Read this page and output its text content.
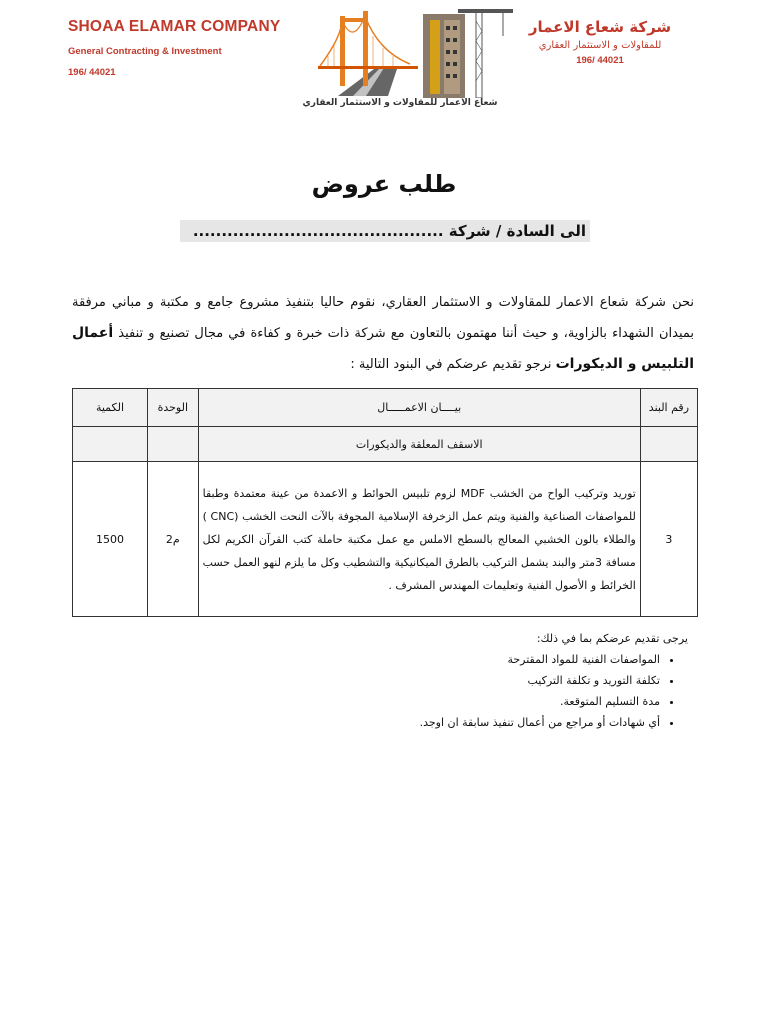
SHOAA ELAMAR COMPANY
General Contracting & Investment
196/ 44021
شعاع الاعمار للمقاولات و الاستثمار العقاري
شركة شعاع الاعمار
للمقاولات و الاستثمار العقاري
196/ 44021
طلب عروض
الى السادة / شركة ............................................
نحن شركة شعاع الاعمار للمقاولات و الاستثمار العقاري، نقوم حاليا بتنفيذ مشروع جامع و مكتبة و مباني مرفقة بميدان الشهداء بالزاوية، و حيث أننا مهتمون بالتعاون مع شركة ذات خبرة و كفاءة في مجال تصنيع و تنفيذ أعمال التلبيس و الديكورات نرجو تقديم عرضكم في البنود التالية :
رقم البند	بيــــان الاعمـــــال	الوحدة	الكمية
	الاسقف المعلقة والديكورات		
3	توريد وتركيب الواح من الخشب MDF لزوم تلبيس الحوائط و الاعمدة من عينة معتمدة وطبقا للمواصفات الصناعية والفنية ويتم عمل الزخرفة الإسلامية المجوفة بالآت النحت الخشب (CNC ) والطلاء بالون الخشبي المعالج بالسطح الاملس مع عمل مكتبة حاملة كتب القرآن الكريم لكل مسافة 3متر والبند يشمل التركيب بالطرق الميكانيكية والتشطيب وكل ما يلزم لنهو العمل حسب الخرائط و الأصول الفنية وتعليمات المهندس المشرف .	م2	1500

يرجى تقديم عرضكم بما في ذلك:

• المواصفات الفنية للمواد المقترحة
• تكلفة التوريد و تكلفة التركيب
• مدة التسليم المتوقعة.
• أي شهادات أو مراجع من أعمال تنفيذ سابقة ان اوجد.
